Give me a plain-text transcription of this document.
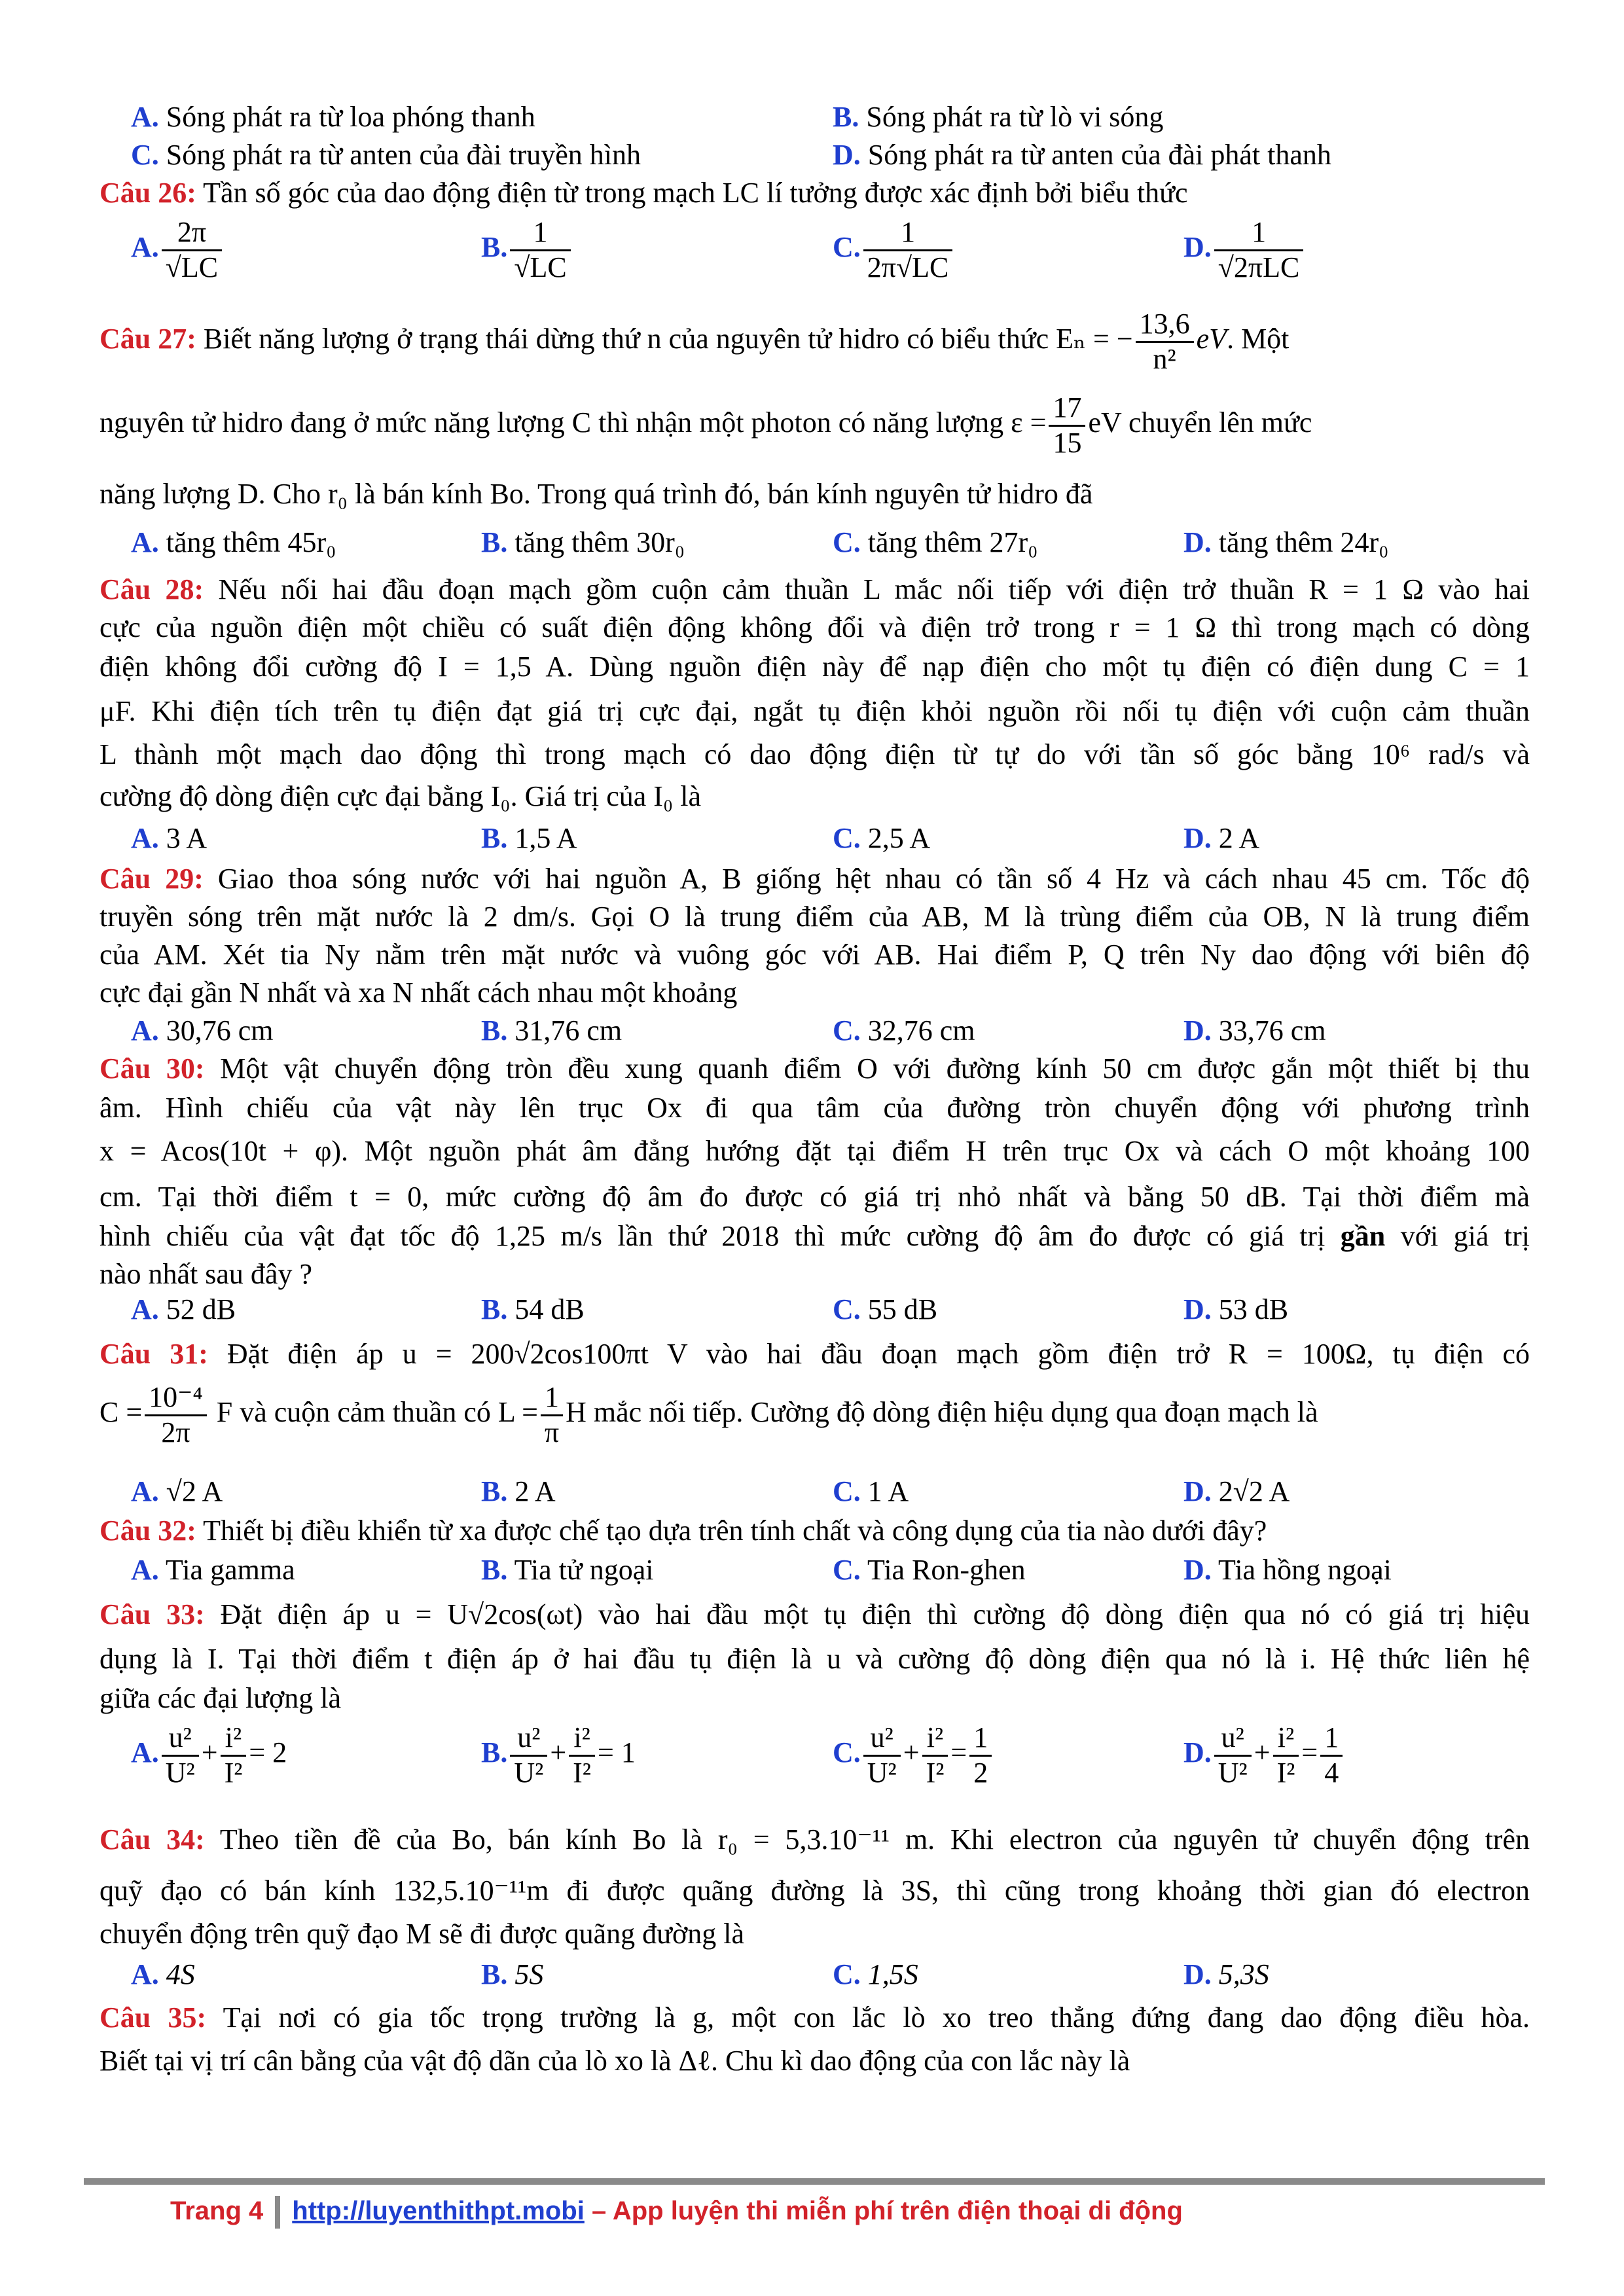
A. Sóng phát ra từ loa phóng thanh	B. Sóng phát ra từ lò vi sóng
C. Sóng phát ra từ anten của đài truyền hình	D. Sóng phát ra từ anten của đài phát thanh
Câu 26: Tần số góc của dao động điện từ trong mạch LC lí tưởng được xác định bởi biểu thức
A. $\frac{2\pi}{√LC}$	B. $\frac{1}{√LC}$	C. $\frac{1}{2\pi√LC}$	D. $\frac{1}{\text{√2πLC}}$
Câu 27: Biết năng lượng ở trạng thái dừng thứ n của nguyên tử hidro có biểu thức Eₙ = − $\frac{13,6}{\text{n²}}$ eV. Một
nguyên tử hidro đang ở mức năng lượng C thì nhận một photon có năng lượng $\varepsilon = \frac{17}{15}$ eV chuyển lên mức
năng lượng D. Cho r₀ là bán kính Bo. Trong quá trình đó, bán kính nguyên tử hidro đã
A. tăng thêm 45r₀	B. tăng thêm 30r₀	C. tăng thêm 27r₀	D. tăng thêm 24r₀
Câu 28: Nếu nối hai đầu đoạn mạch gồm cuộn cảm thuần L mắc nối tiếp với điện trở thuần R = 1 Ω vào hai
cực của nguồn điện một chiều có suất điện động không đổi và điện trở trong r = 1 Ω thì trong mạch có dòng
điện không đổi cường độ I = 1,5 A. Dùng nguồn điện này để nạp điện cho một tụ điện có điện dung C = 1
μF. Khi điện tích trên tụ điện đạt giá trị cực đại, ngắt tụ điện khỏi nguồn rồi nối tụ điện với cuộn cảm thuần
L thành một mạch dao động thì trong mạch có dao động điện từ tự do với tần số góc bằng 10⁶ rad/s và
cường độ dòng điện cực đại bằng I₀. Giá trị của I₀ là
A. 3 A	B. 1,5 A	C. 2,5 A	D. 2 A
Câu 29: Giao thoa sóng nước với hai nguồn A, B giống hệt nhau có tần số 4 Hz và cách nhau 45 cm. Tốc độ
truyền sóng trên mặt nước là 2 dm/s. Gọi O là trung điểm của AB, M là trùng điểm của OB, N là trung điểm
của AM. Xét tia Ny nằm trên mặt nước và vuông góc với AB. Hai điểm P, Q trên Ny dao động với biên độ
cực đại gần N nhất và xa N nhất cách nhau một khoảng
A. 30,76 cm	B. 31,76 cm	C. 32,76 cm	D. 33,76 cm
Câu 30: Một vật chuyển động tròn đều xung quanh điểm O với đường kính 50 cm được gắn một thiết bị thu
âm. Hình chiếu của vật này lên trục Ox đi qua tâm của đường tròn chuyển động với phương trình
x = Acos(10t + φ). Một nguồn phát âm đẳng hướng đặt tại điểm H trên trục Ox và cách O một khoảng 100
cm. Tại thời điểm t = 0, mức cường độ âm đo được có giá trị nhỏ nhất và bằng 50 dB. Tại thời điểm mà
hình chiếu của vật đạt tốc độ 1,25 m/s lần thứ 2018 thì mức cường độ âm đo được có giá trị gần với giá trị
nào nhất sau đây ?
A. 52 dB	B. 54 dB	C. 55 dB	D. 53 dB
Câu 31: Đặt điện áp u = 200√2cos100πt V vào hai đầu đoạn mạch gồm điện trở R = 100Ω, tụ điện có
$C = \frac{\text{10⁻⁴}}{2\pi}$ F và cuộn cảm thuần có $L = \frac{1}{\pi}$ H mắc nối tiếp. Cường độ dòng điện hiệu dụng qua đoạn mạch là
A. √2 A	B. 2 A	C. 1 A	D. 2√2 A
Câu 32: Thiết bị điều khiển từ xa được chế tạo dựa trên tính chất và công dụng của tia nào dưới đây?
A. Tia gamma	B. Tia tử ngoại	C. Tia Ron-ghen	D. Tia hồng ngoại
Câu 33: Đặt điện áp u = U√2cos(ωt) vào hai đầu một tụ điện thì cường độ dòng điện qua nó có giá trị hiệu
dụng là I. Tại thời điểm t điện áp ở hai đầu tụ điện là u và cường độ dòng điện qua nó là i. Hệ thức liên hệ
giữa các đại lượng là
A. $\frac{\text{u²}}{\text{U²}} + \frac{\text{i²}}{\text{I²}} = 2$	B. $\frac{\text{u²}}{\text{U²}} + \frac{\text{i²}}{\text{I²}} = 1$	C. $\frac{\text{u²}}{\text{U²}} + \frac{\text{i²}}{\text{I²}} = \frac{1}{2}$	D. $\frac{\text{u²}}{\text{U²}} + \frac{\text{i²}}{\text{I²}} = \frac{1}{4}$
Câu 34: Theo tiền đề của Bo, bán kính Bo là r₀ = 5,3.10⁻¹¹ m. Khi electron của nguyên tử chuyển động trên
quỹ đạo có bán kính 132,5.10⁻¹¹m đi được quãng đường là 3S, thì cũng trong khoảng thời gian đó electron
chuyển động trên quỹ đạo M sẽ đi được quãng đường là
A. 4S	B. 5S	C. 1,5S	D. 5,3S
Câu 35: Tại nơi có gia tốc trọng trường là g, một con lắc lò xo treo thẳng đứng đang dao động điều hòa.
Biết tại vị trí cân bằng của vật độ dãn của lò xo là Δℓ. Chu kì dao động của con lắc này là
Trang 4 http://luyenthithpt.mobi – App luyện thi miễn phí trên điện thoại di động
